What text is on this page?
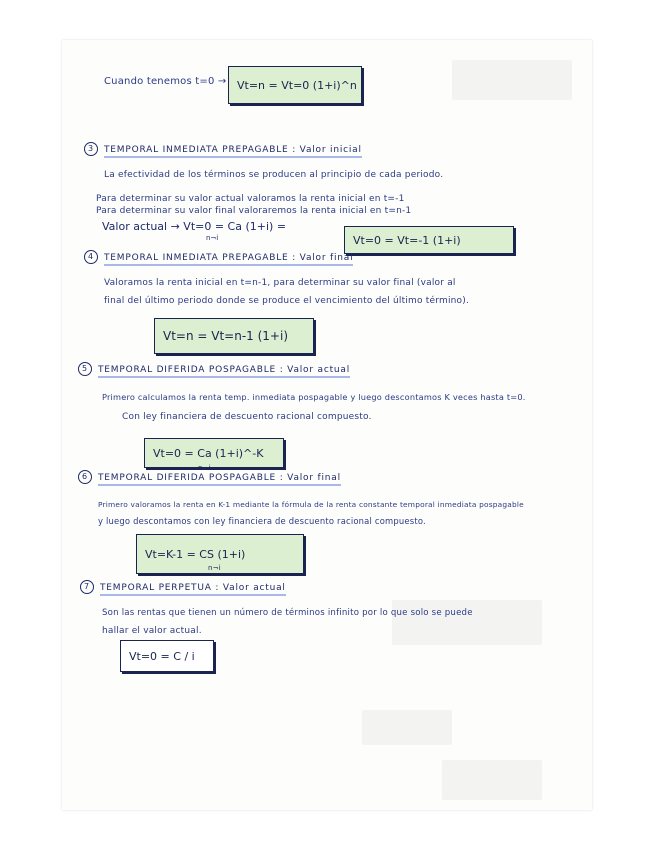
Cuando tenemos t=0 → Vt=n = Vt=0 (1+i)^n
3 TEMPORAL INMEDIATA PREPAGABLE : Valor inicial
La efectividad de los términos se producen al principio de cada periodo.
Para determinar su valor actual valoramos la renta inicial en t=-1
Para determinar su valor final valoraremos la renta inicial en t=n-1
Valor actual → Vt=0 = Ca (1+i) =
n¬i	Vt=0 = Vt=-1 (1+i)
4 TEMPORAL INMEDIATA PREPAGABLE : Valor final
Valoramos la renta inicial en t=n-1, para determinar su valor final (valor al
final del último periodo donde se produce el vencimiento del último término).
Vt=n = Vt=n-1 (1+i)
5 TEMPORAL DIFERIDA POSPAGABLE : Valor actual
Primero calculamos la renta temp. inmediata pospagable y luego descontamos K veces hasta t=0.
Con ley financiera de descuento racional compuesto.
Vt=0 = Ca (1+i)^-K
n¬i
6 TEMPORAL DIFERIDA POSPAGABLE : Valor final
Primero valoramos la renta en K-1 mediante la fórmula de la renta constante temporal inmediata pospagable
y luego descontamos con ley financiera de descuento racional compuesto.
Vt=K-1 = CS (1+i)
n¬i
7 TEMPORAL PERPETUA : Valor actual
Son las rentas que tienen un número de términos infinito por lo que solo se puede
hallar el valor actual.
Vt=0 = C / i
